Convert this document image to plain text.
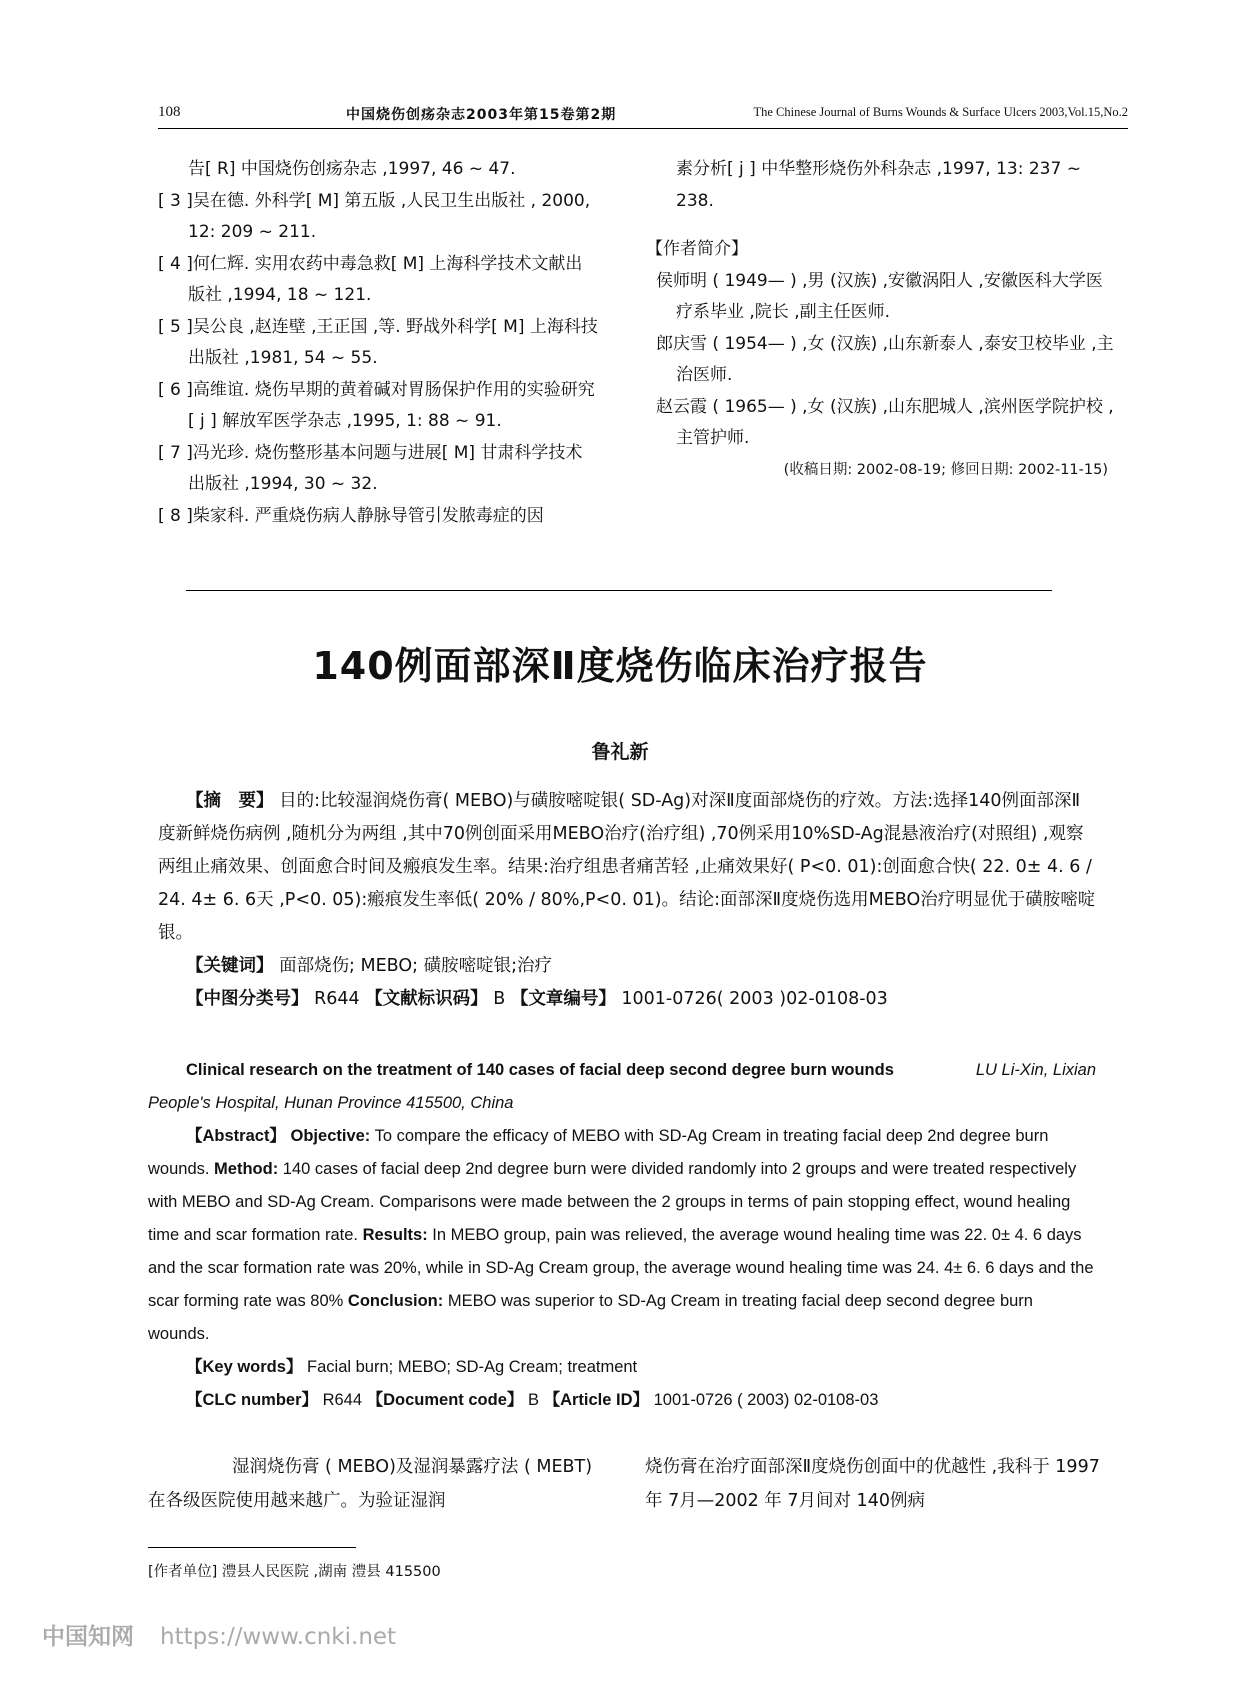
108	中国烧伤创疡杂志2003年第15卷第2期	The Chinese Journal of Burns Wounds & Surface Ulcers 2003,Vol.15,No.2
告[ R] 中国烧伤创疡杂志 ,1997, 46 ~ 47.
[ 3 ]吴在德. 外科学[ M] 第五版 ,人民卫生出版社 , 2000, 12: 209 ~ 211.
[ 4 ]何仁辉. 实用农药中毒急救[ M] 上海科学技术文献出版社 ,1994, 18 ~ 121.
[ 5 ]吴公良 ,赵连壁 ,王正国 ,等. 野战外科学[ M] 上海科技出版社 ,1981, 54 ~ 55.
[ 6 ]高维谊. 烧伤早期的黄着碱对胃肠保护作用的实验研究[ j ] 解放军医学杂志 ,1995, 1: 88 ~ 91.
[ 7 ]冯光珍. 烧伤整形基本问题与进展[ M] 甘肃科学技术出版社 ,1994, 30 ~ 32.
[ 8 ]柴家科. 严重烧伤病人静脉导管引发脓毒症的因
素分析[ j ] 中华整形烧伤外科杂志 ,1997, 13: 237 ~ 238.
【作者简介】
侯师明 ( 1949— ) ,男 (汉族) ,安徽涡阳人 ,安徽医科大学医疗系毕业 ,院长 ,副主任医师.
郎庆雪 ( 1954— ) ,女 (汉族) ,山东新泰人 ,泰安卫校毕业 ,主治医师.
赵云霞 ( 1965— ) ,女 (汉族) ,山东肥城人 ,滨州医学院护校 ,主管护师.
(收稿日期: 2002-08-19; 修回日期: 2002-11-15)
140例面部深Ⅱ度烧伤临床治疗报告
鲁礼新

【摘　要】 目的:比较湿润烧伤膏( MEBO)与磺胺嘧啶银( SD-Ag)对深Ⅱ度面部烧伤的疗效。方法:选择140例面部深Ⅱ度新鲜烧伤病例 ,随机分为两组 ,其中70例创面采用MEBO治疗(治疗组) ,70例采用10%SD-Ag混悬液治疗(对照组) ,观察两组止痛效果、创面愈合时间及瘢痕发生率。结果:治疗组患者痛苦轻 ,止痛效果好( P<0. 01):创面愈合快( 22. 0± 4. 6 / 24. 4± 6. 6天 ,P<0. 05):瘢痕发生率低( 20% / 80%,P<0. 01)。结论:面部深Ⅱ度烧伤选用MEBO治疗明显优于磺胺嘧啶银。

【关键词】 面部烧伤; MEBO; 磺胺嘧啶银;治疗

【中图分类号】 R644 【文献标识码】 B 【文章编号】 1001-0726( 2003 )02-0108-03

Clinical research on the treatment of 140 cases of facial deep second degree burn wounds	LU Li-Xin, Lixian

People's Hospital, Hunan Province 415500, China

【Abstract】 Objective: To compare the efficacy of MEBO with SD-Ag Cream in treating facial deep 2nd degree burn wounds. Method: 140 cases of facial deep 2nd degree burn were divided randomly into 2 groups and were treated respectively with MEBO and SD-Ag Cream. Comparisons were made between the 2 groups in terms of pain stopping effect, wound healing time and scar formation rate. Results: In MEBO group, pain was relieved, the average wound healing time was 22. 0± 4. 6 days and the scar formation rate was 20%, while in SD-Ag Cream group, the average wound healing time was 24. 4± 6. 6 days and the scar forming rate was 80% Conclusion: MEBO was superior to SD-Ag Cream in treating facial deep second degree burn wounds.

【Key words】 Facial burn; MEBO; SD-Ag Cream; treatment

【CLC number】 R644 【Document code】 B 【Article ID】 1001-0726 ( 2003) 02-0108-03

湿润烧伤膏 ( MEBO)及湿润暴露疗法 ( MEBT)在各级医院使用越来越广。为验证湿润
烧伤膏在治疗面部深Ⅱ度烧伤创面中的优越性 ,我科于 1997 年 7月—2002 年 7月间对 140例病
[作者单位] 澧县人民医院 ,湖南 澧县 415500
中国知网 https://www.cnki.net
